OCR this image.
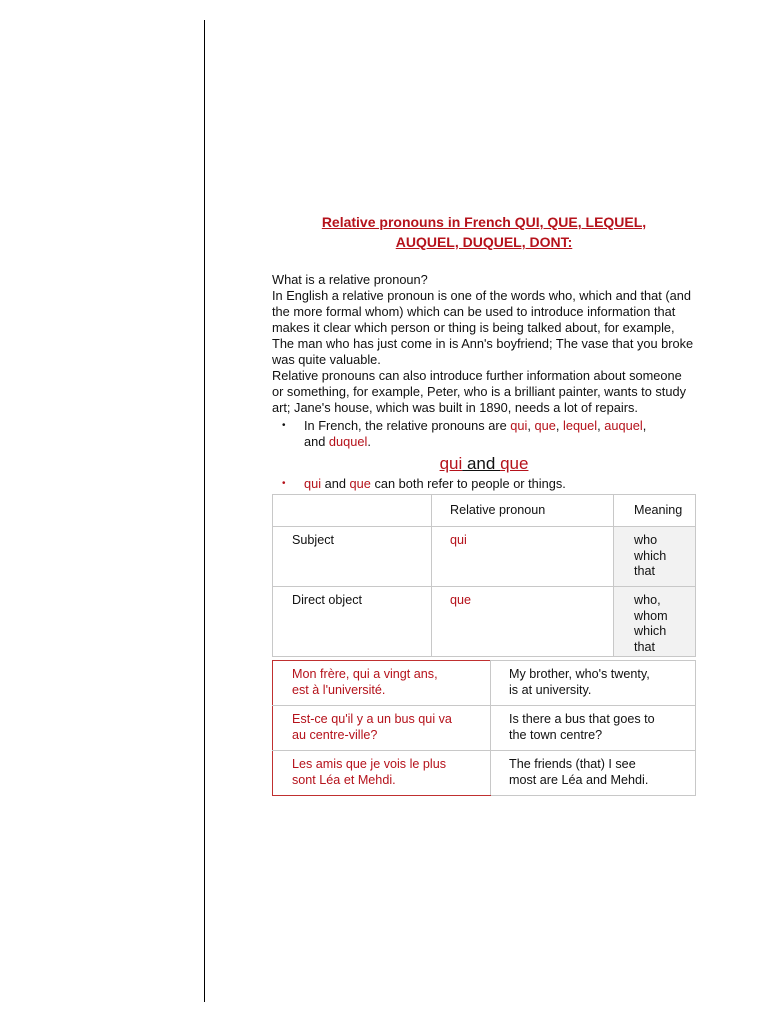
Relative pronouns in French QUI, QUE, LEQUEL,
AUQUEL, DUQUEL, DONT:

What is a relative pronoun?

In English a relative pronoun is one of the words who, which and that (and the more formal whom) which can be used to introduce information that makes it clear which person or thing is being talked about, for example, The man who has just come in is Ann's boyfriend; The vase that you broke was quite valuable.

Relative pronouns can also introduce further information about someone or something, for example, Peter, who is a brilliant painter, wants to study art; Jane's house, which was built in 1890, needs a lot of repairs.

• In French, the relative pronouns are qui, que, lequel, auquel,
and duquel.
qui and que
• qui and que can both refer to people or things.
	Relative pronoun	Meaning
Subject	qui	who
which
that

Direct object	que	who, whom
which
that
Mon frère, qui a vingt ans,
est à l'université.	My brother, who's twenty,
is at university.

Est-ce qu'il y a un bus qui va
au centre-ville?	Is there a bus that goes to
the town centre?

Les amis que je vois le plus
sont Léa et Mehdi.	The friends (that) I see
most are Léa and Mehdi.
